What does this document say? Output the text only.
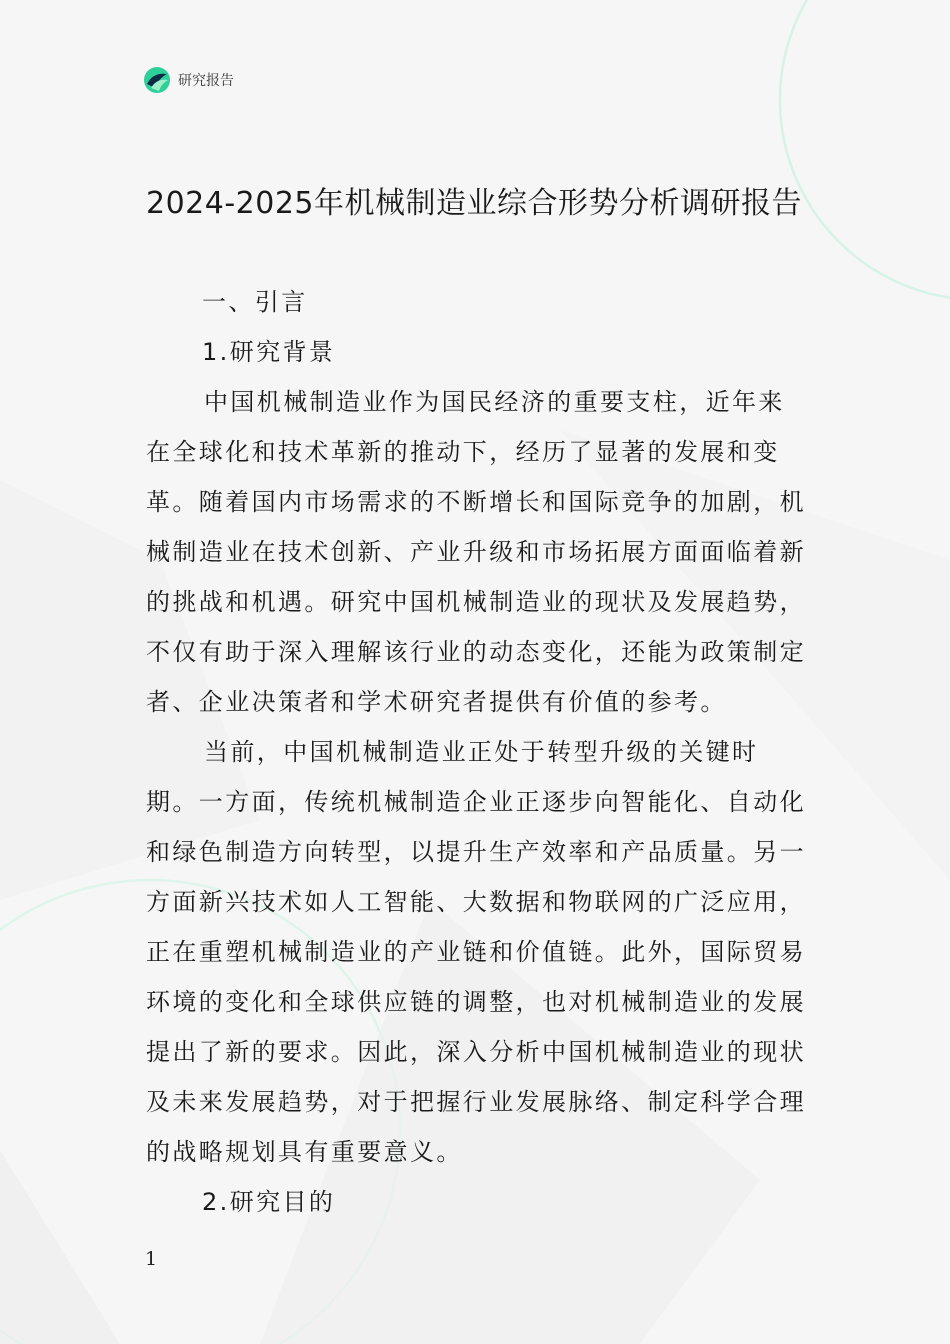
研究报告
2024-2025年机械制造业综合形势分析调研报告

一、引言

1.研究背景

中国机械制造业作为国民经济的重要支柱，近年来在全球化和技术革新的推动下，经历了显著的发展和变革。随着国内市场需求的不断增长和国际竞争的加剧，机械制造业在技术创新、产业升级和市场拓展方面面临着新的挑战和机遇。研究中国机械制造业的现状及发展趋势，不仅有助于深入理解该行业的动态变化，还能为政策制定者、企业决策者和学术研究者提供有价值的参考。

当前，中国机械制造业正处于转型升级的关键时期。一方面，传统机械制造企业正逐步向智能化、自动化和绿色制造方向转型，以提升生产效率和产品质量。另一方面新兴技术如人工智能、大数据和物联网的广泛应用，正在重塑机械制造业的产业链和价值链。此外，国际贸易环境的变化和全球供应链的调整，也对机械制造业的发展提出了新的要求。因此，深入分析中国机械制造业的现状及未来发展趋势，对于把握行业发展脉络、制定科学合理的战略规划具有重要意义。

2.研究目的

1
